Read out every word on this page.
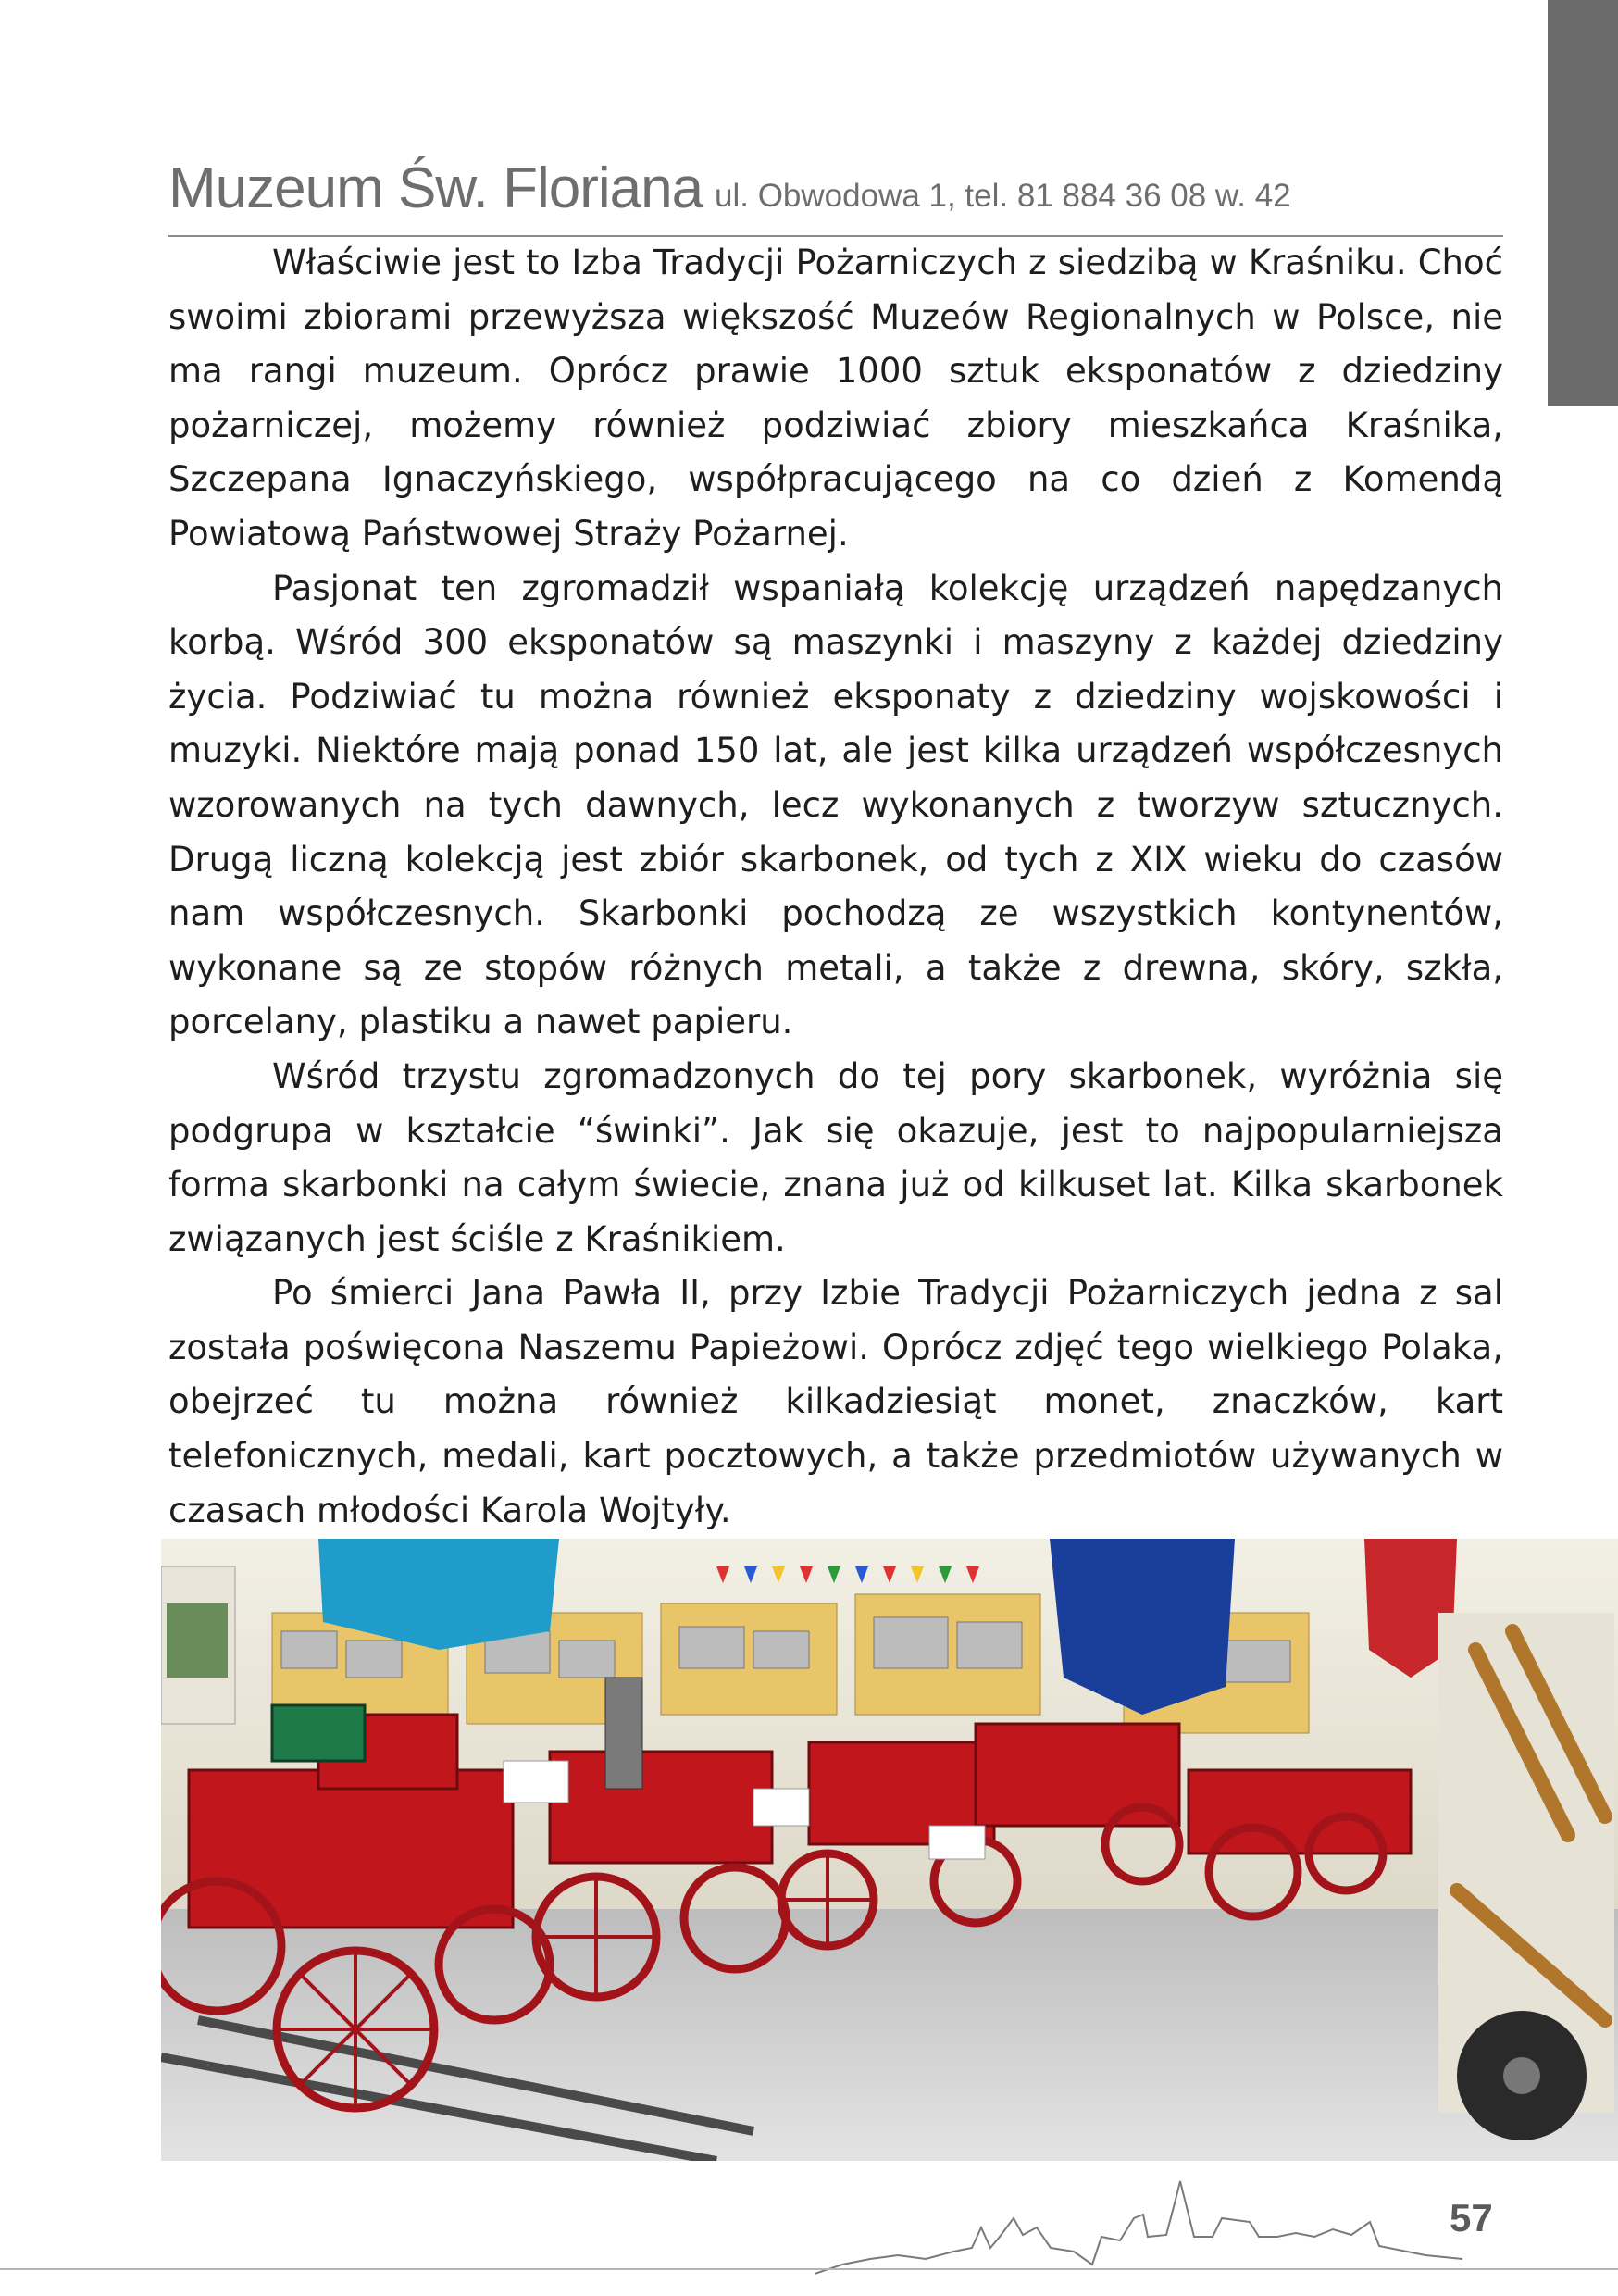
Muzeum Św. Floriana ul. Obwodowa 1, tel. 81 884 36 08 w. 42

Właściwie jest to Izba Tradycji Pożarniczych z siedzibą w Kraśniku. Choć swoimi zbiorami przewyższa większość Muzeów Regionalnych w Polsce, nie ma rangi muzeum. Oprócz prawie 1000 sztuk eksponatów z dziedziny pożarniczej, możemy również podziwiać zbiory mieszkańca Kraśnika, Szczepana Ignaczyńskiego, współpracującego na co dzień z Komendą Powiatową Państwowej Straży Pożarnej.

Pasjonat ten zgromadził wspaniałą kolekcję urządzeń napędzanych korbą. Wśród 300 eksponatów są maszynki i maszyny z każdej dziedziny życia. Podziwiać tu można również eksponaty z dziedziny wojskowości i muzyki. Niektóre mają ponad 150 lat, ale jest kilka urządzeń współczesnych wzorowanych na tych dawnych, lecz wykonanych z tworzyw sztucznych. Drugą liczną kolekcją jest zbiór skarbonek, od tych z XIX wieku do czasów nam współczesnych. Skarbonki pochodzą ze wszystkich kontynentów, wykonane są ze stopów różnych metali, a także z drewna, skóry, szkła, porcelany, plastiku a nawet papieru.

Wśród trzystu zgromadzonych do tej pory skarbonek, wyróżnia się podgrupa w kształcie “świnki”. Jak się okazuje, jest to najpopularniejsza forma skarbonki na całym świecie, znana już od kilkuset lat. Kilka skarbonek związanych jest ściśle z Kraśnikiem.

Po śmierci Jana Pawła II, przy Izbie Tradycji Pożarniczych jedna z sal została poświęcona Naszemu Papieżowi. Oprócz zdjęć tego wielkiego Polaka, obejrzeć tu można również kilkadziesiąt monet, znaczków, kart telefonicznych, medali, kart pocztowych, a także przedmiotów używanych w czasach młodości Karola Wojtyły.

57
